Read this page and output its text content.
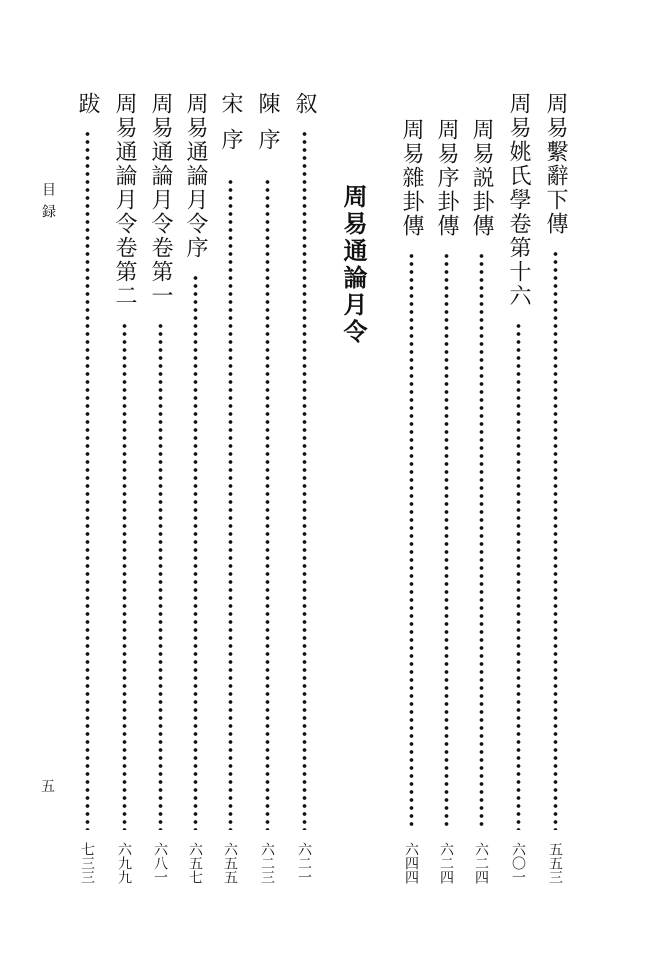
周易繫辭下傳
五五三
周易姚氏學卷第十六
六〇一
周易説卦傳
六二四
周易序卦傳
六二四
周易雜卦傳
六四四
周易通論月令
叙
六二一
陳序
六二三
宋序
六五五
周易通論月令序
六五七
周易通論月令卷第一
六八一
周易通論月令卷第二
六九九
跋
七三三
目録
五
